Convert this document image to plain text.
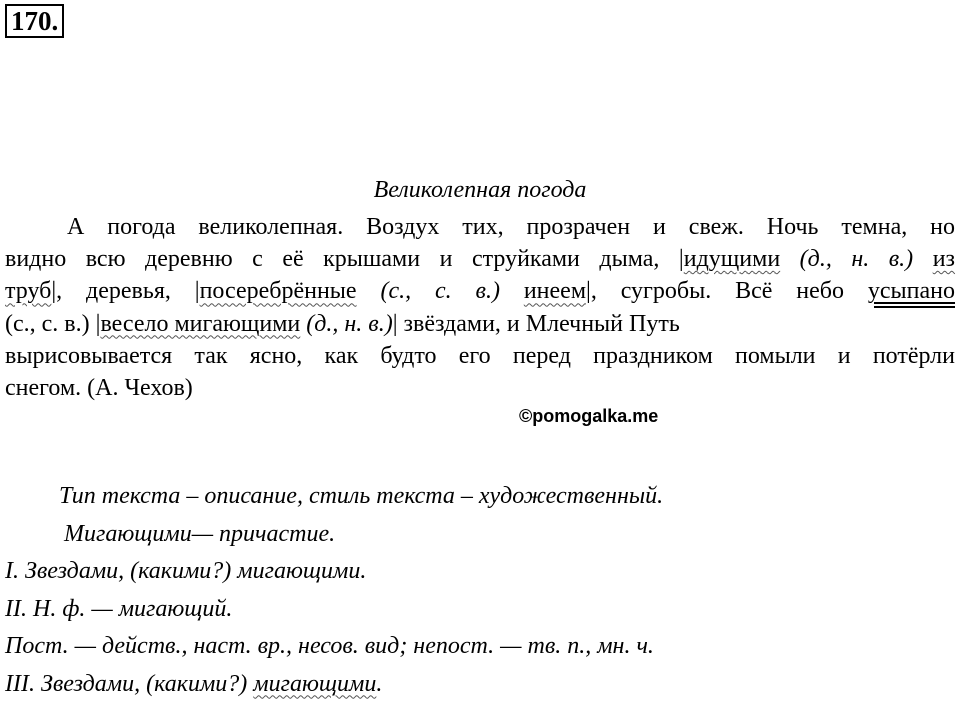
170.
Великолепная погода
А погода великолепная. Воздух тих, прозрачен и свеж. Ночь темна, но
видно всю деревню с её крышами и струйками дыма, |идущими (д., н. в.) из
труб|, деревья, |посеребрённые (с., с. в.) инеем|, сугробы. Всё небо усыпано
(с., с. в.) |весело мигающими (д., н. в.)| звёздами, и Млечный Путь
вырисовывается так ясно, как будто его перед праздником помыли и потёрли
снегом. (А. Чехов)
©pomogalka.me
Тип текста – описание, стиль текста – художественный.
Мигающими— причастие.
I. Звездами, (какими?) мигающими.
II. Н. ф. — мигающий.
Пост. — действ., наст. вр., несов. вид; непост. — тв. п., мн. ч.
III. Звездами, (какими?) мигающими.
